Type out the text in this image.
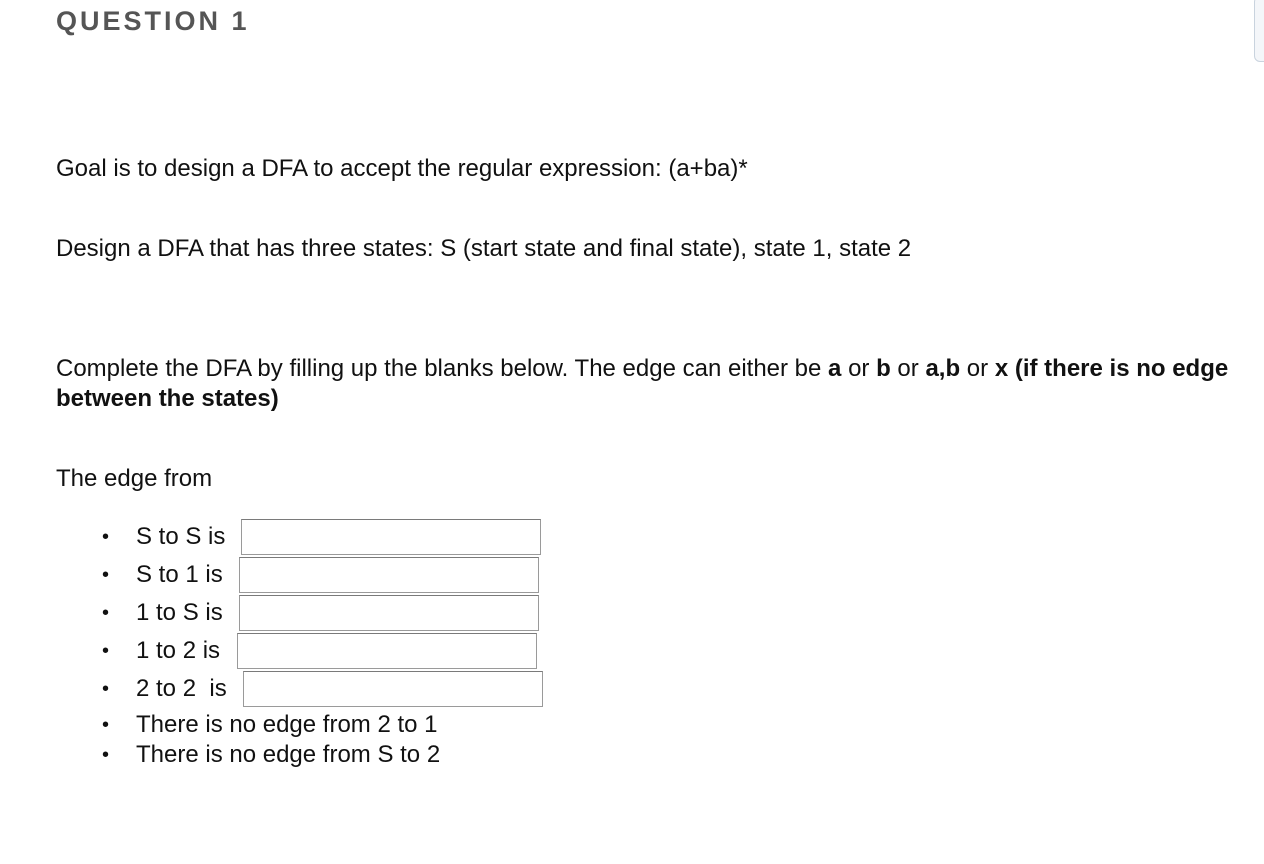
QUESTION 1

Goal is to design a DFA to accept the regular expression: (a+ba)*

Design a DFA that has three states: S (start state and final state), state 1, state 2

Complete the DFA by filling up the blanks below. The edge can either be a or b or a,b or x (if there is no edge between the states)

The edge from

• S to S is
• S to 1 is
• 1 to S is
• 1 to 2 is
• 2 to 2  is
• There is no edge from 2 to 1
• There is no edge from S to 2
